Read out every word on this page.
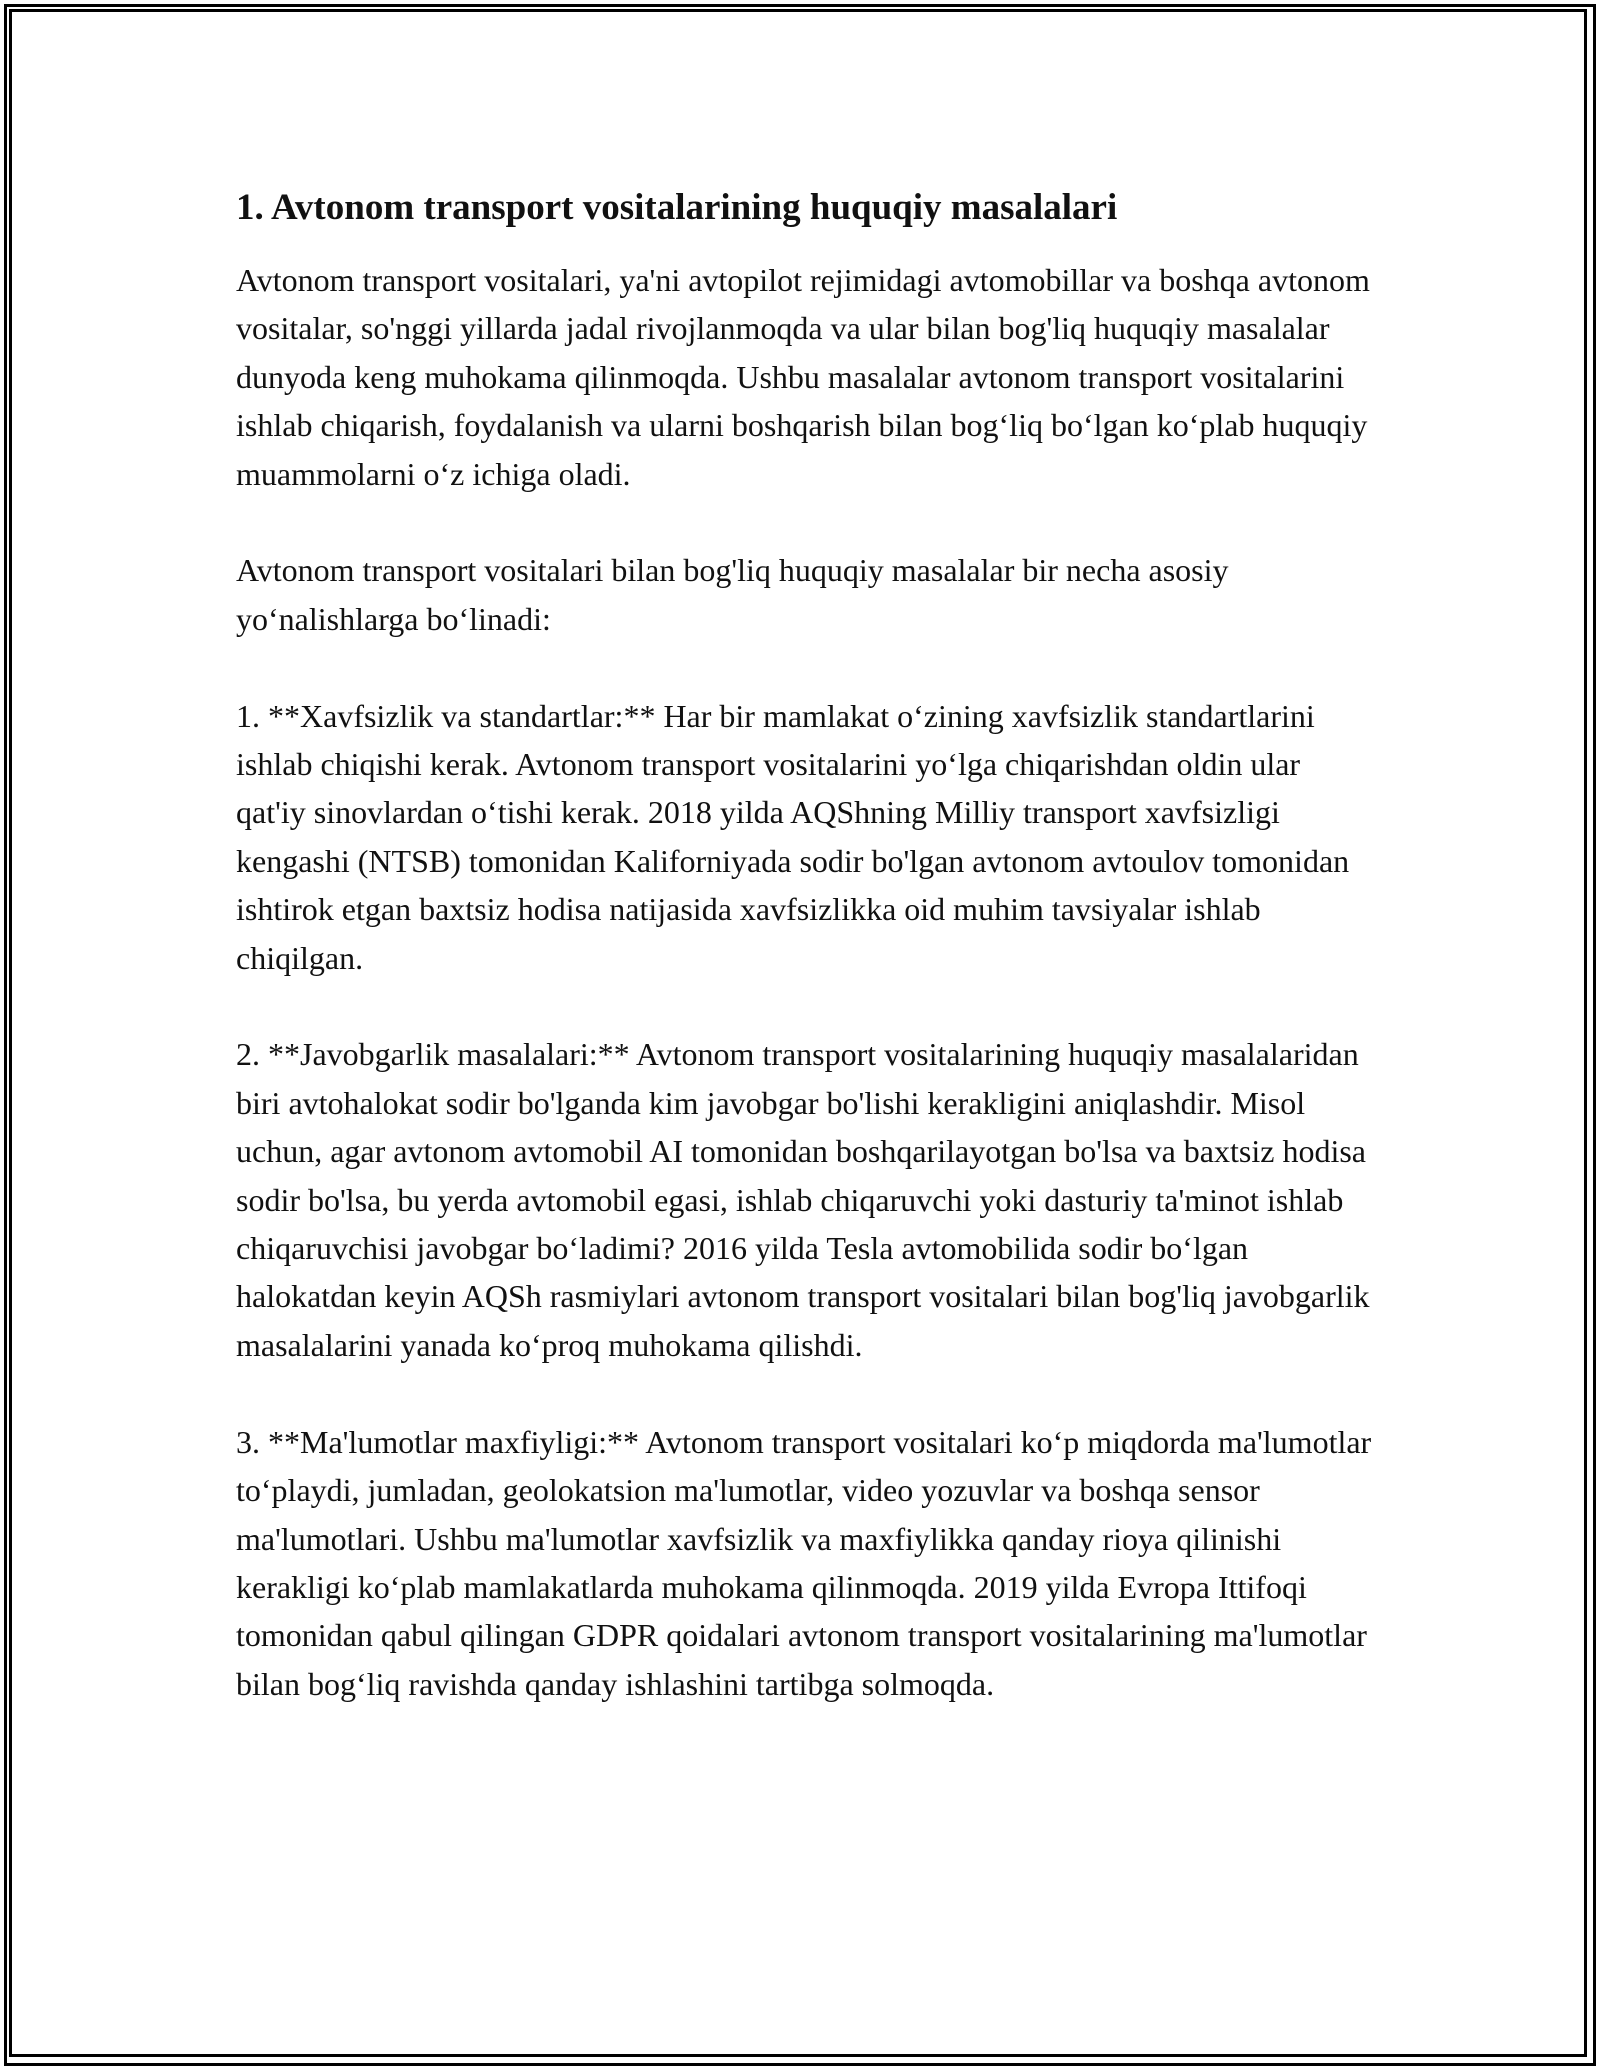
1. Avtonom transport vositalarining huquqiy masalalari

Avtonom transport vositalari, ya'ni avtopilot rejimidagi avtomobillar va boshqa avtonom vositalar, so'nggi yillarda jadal rivojlanmoqda va ular bilan bog'liq huquqiy masalalar dunyoda keng muhokama qilinmoqda. Ushbu masalalar avtonom transport vositalarini ishlab chiqarish, foydalanish va ularni boshqarish bilan bog‘liq bo‘lgan ko‘plab huquqiy muammolarni o‘z ichiga oladi.

Avtonom transport vositalari bilan bog'liq huquqiy masalalar bir necha asosiy yo‘nalishlarga bo‘linadi:

1. **Xavfsizlik va standartlar:** Har bir mamlakat o‘zining xavfsizlik standartlarini ishlab chiqishi kerak. Avtonom transport vositalarini yo‘lga chiqarishdan oldin ular qat'iy sinovlardan o‘tishi kerak. 2018 yilda AQShning Milliy transport xavfsizligi kengashi (NTSB) tomonidan Kaliforniyada sodir bo'lgan avtonom avtoulov tomonidan ishtirok etgan baxtsiz hodisa natijasida xavfsizlikka oid muhim tavsiyalar ishlab chiqilgan.

2. **Javobgarlik masalalari:** Avtonom transport vositalarining huquqiy masalalaridan biri avtohalokat sodir bo'lganda kim javobgar bo'lishi kerakligini aniqlashdir. Misol uchun, agar avtonom avtomobil AI tomonidan boshqarilayotgan bo'lsa va baxtsiz hodisa sodir bo'lsa, bu yerda avtomobil egasi, ishlab chiqaruvchi yoki dasturiy ta'minot ishlab chiqaruvchisi javobgar bo‘ladimi? 2016 yilda Tesla avtomobilida sodir bo‘lgan halokatdan keyin AQSh rasmiylari avtonom transport vositalari bilan bog'liq javobgarlik masalalarini yanada ko‘proq muhokama qilishdi.

3. **Ma'lumotlar maxfiyligi:** Avtonom transport vositalari ko‘p miqdorda ma'lumotlar to‘playdi, jumladan, geolokatsion ma'lumotlar, video yozuvlar va boshqa sensor ma'lumotlari. Ushbu ma'lumotlar xavfsizlik va maxfiylikka qanday rioya qilinishi kerakligi ko‘plab mamlakatlarda muhokama qilinmoqda. 2019 yilda Evropa Ittifoqi tomonidan qabul qilingan GDPR qoidalari avtonom transport vositalarining ma'lumotlar bilan bog‘liq ravishda qanday ishlashini tartibga solmoqda.
